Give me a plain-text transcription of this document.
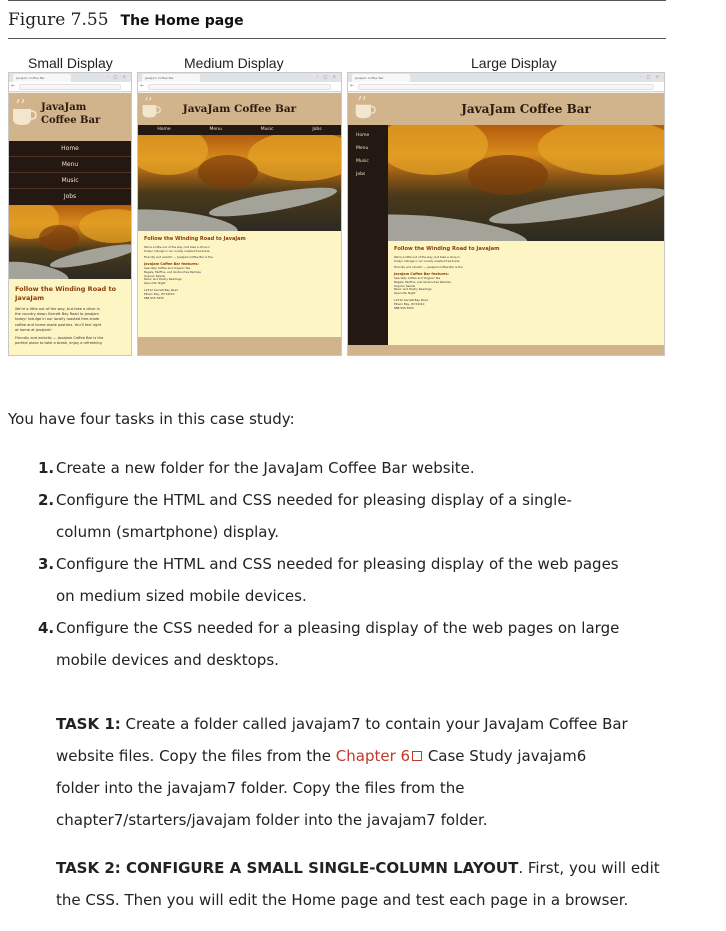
Figure 7.55 The Home page
Small Display	Medium Display	Large Display
JavaJam Coffee Bar	– □ ×
←
JavaJam
Coffee Bar
Home
Menu
Music
Jobs
Follow the Winding Road to JavaJam

We're a little out of the way, but take a drive in

the country down Garrett Bay Road to JavaJam

today! Indulge in our locally roasted free-trade

coffee and home-made pastries. You'll feel right

at home at JavaJam!

Friendly and eclectic — JavaJam Coffee Bar is the

perfect place to take a break, enjoy a refreshing

JavaJam Coffee Bar	– □ ×
←
JavaJam Coffee Bar
Home	Menu	Music	Jobs
Follow the Winding Road to JavaJam

We're a little out of the way, but take a drive in

today! Indulge in our locally roasted free-trade

Friendly and eclectic — JavaJam Coffee Bar is the

JavaJam Coffee Bar features:

Specialty Coffee and Organic Tea

Bagels, Muffins, and Gluten-free Pastries

Organic Salads

Music and Poetry Readings

Open Mic Night

12312 Garrett Bay Road

Ellison Bay, WI 54210

888-555-5555

JavaJam Coffee Bar	– □ ×
←
JavaJam Coffee Bar
Home
Menu
Music
Jobs
Follow the Winding Road to JavaJam

We're a little out of the way, but take a drive in

today! Indulge in our locally roasted free-trade

Friendly and eclectic — JavaJam Coffee Bar is the

JavaJam Coffee Bar features:

Specialty Coffee and Organic Tea

Bagels, Muffins, and Gluten-free Pastries

Organic Salads

Music and Poetry Readings

Open Mic Night

12312 Garrett Bay Road

Ellison Bay, WI 54210

888-555-5555

You have four tasks in this case study:
1. Create a new folder for the JavaJam Coffee Bar website.
2. Configure the HTML and CSS needed for pleasing display of a single-
column (smartphone) display.
3. Configure the HTML and CSS needed for pleasing display of the web pages
on medium sized mobile devices.
4. Configure the CSS needed for a pleasing display of the web pages on large
mobile devices and desktops.
TASK 1: Create a folder called javajam7 to contain your JavaJam Coffee Bar
website files. Copy the files from the Chapter 6 Case Study javajam6
folder into the javajam7 folder. Copy the files from the
chapter7/starters/javajam folder into the javajam7 folder.
TASK 2: CONFIGURE A SMALL SINGLE-COLUMN LAYOUT. First, you will edit
the CSS. Then you will edit the Home page and test each page in a browser.
